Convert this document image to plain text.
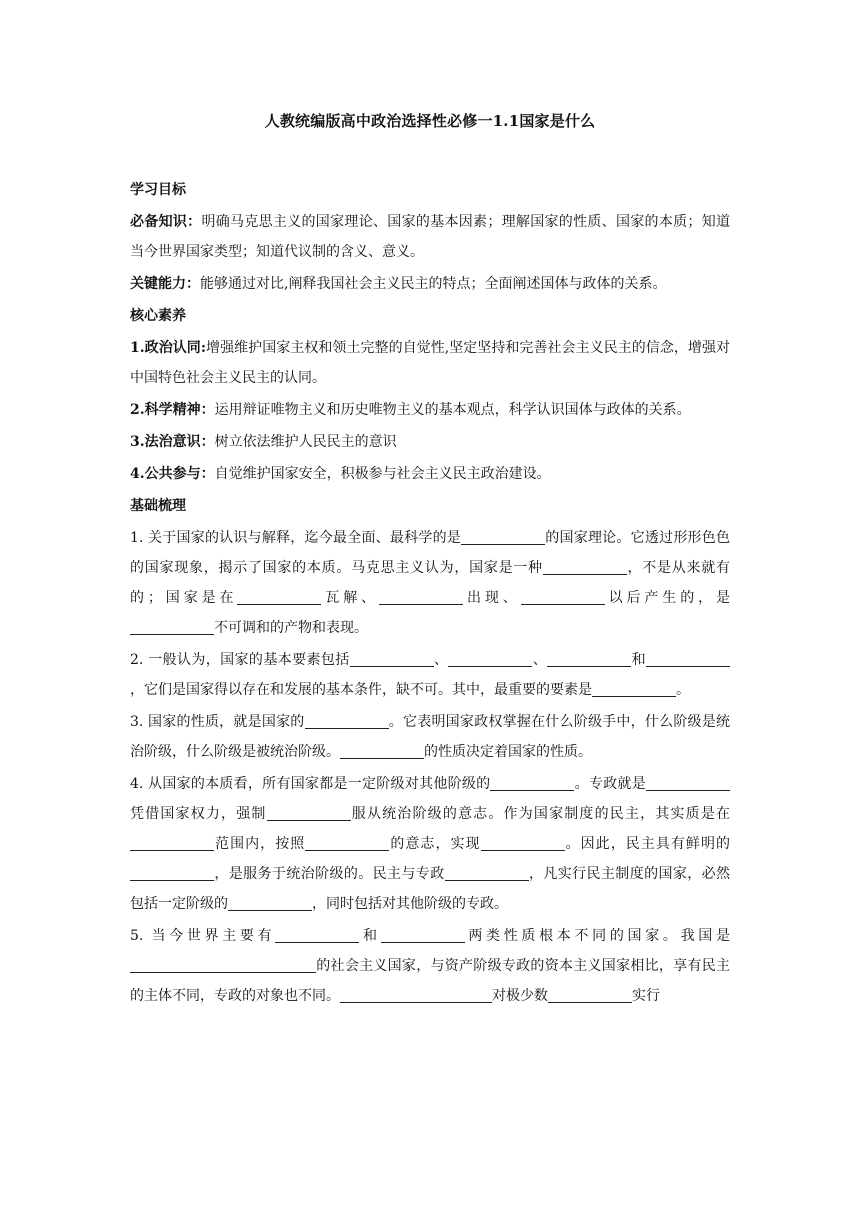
人教统编版高中政治选择性必修一1.1国家是什么

学习目标

必备知识：明确马克思主义的国家理论、国家的基本因素；理解国家的性质、国家的本质；知道当今世界国家类型；知道代议制的含义、意义。

关键能力：能够通过对比,阐释我国社会主义民主的特点；全面阐述国体与政体的关系。

核心素养

1.政治认同:增强维护国家主权和领土完整的自觉性,坚定坚持和完善社会主义民主的信念，增强对中国特色社会主义民主的认同。

2.科学精神：运用辩证唯物主义和历史唯物主义的基本观点，科学认识国体与政体的关系。

3.法治意识：树立依法维护人民民主的意识

4.公共参与：自觉维护国家安全，积极参与社会主义民主政治建设。

基础梳理

1. 关于国家的认识与解释，迄今最全面、最科学的是	的国家理论。它透过形形色色的国家现象，揭示了国家的本质。马克思主义认为，国家是一种	，不是从来就有的；国家是在	瓦解、	出现、	以后产生的，是不可调和的产物和表现。

2. 一般认为，国家的基本要素包括	、	、	和，它们是国家得以存在和发展的基本条件，缺不可。其中，最重要的要素是	。

3. 国家的性质，就是国家的	。它表明国家政权掌握在什么阶级手中，什么阶级是统治阶级，什么阶级是被统治阶级。	的性质决定着国家的性质。

4. 从国家的本质看，所有国家都是一定阶级对其他阶级的	。专政就是凭借国家权力，强制	服从统治阶级的意志。作为国家制度的民主，其实质是在范围内，按照	的意志，实现	。因此，民主具有鲜明的，是服务于统治阶级的。民主与专政	，凡实行民主制度的国家，必然包括一定阶级的	，同时包括对其他阶级的专政。

5. 当今世界主要有	和	两类性质根本不同的国家。我国是的社会主义国家，与资产阶级专政的资本主义国家相比，享有民主的主体不同，专政的对象也不同。	对极少数	实行
